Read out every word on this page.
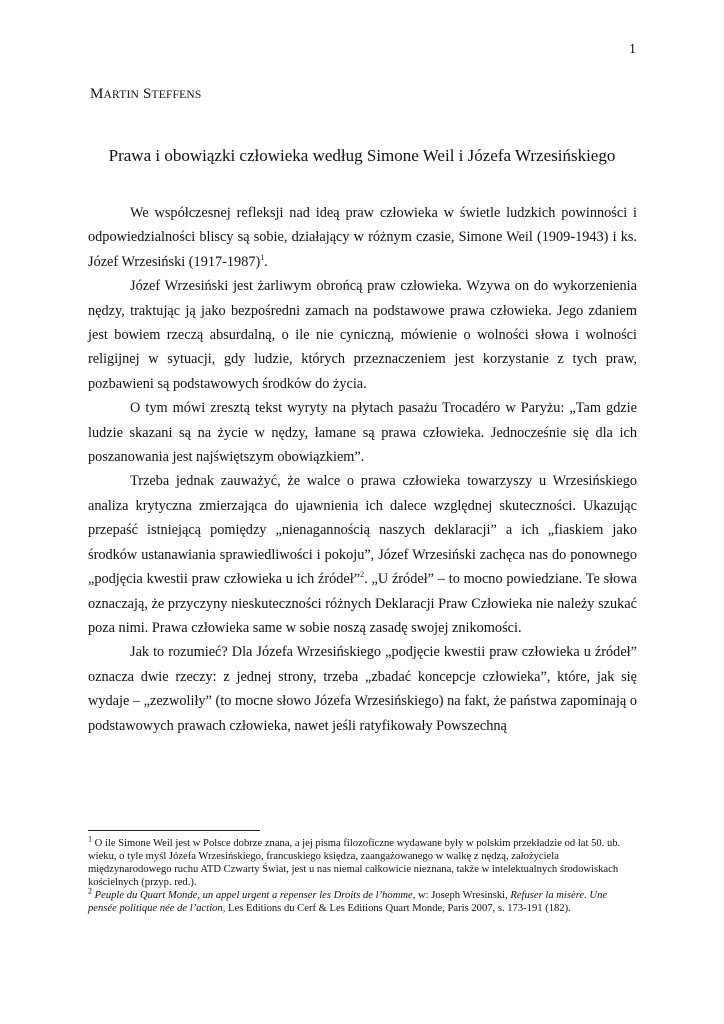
1
MARTIN STEFFENS
Prawa i obowiązki człowieka według Simone Weil i Józefa Wrzesińskiego

We współczesnej refleksji nad ideą praw człowieka w świetle ludzkich powinności i odpowiedzialności bliscy są sobie, działający w różnym czasie, Simone Weil (1909-1943) i ks. Józef Wrzesiński (1917-1987)$^1$.

Józef Wrzesiński jest żarliwym obrońcą praw człowieka. Wzywa on do wykorzenienia nędzy, traktując ją jako bezpośredni zamach na podstawowe prawa człowieka. Jego zdaniem jest bowiem rzeczą absurdalną, o ile nie cyniczną, mówienie o wolności słowa i wolności religijnej w sytuacji, gdy ludzie, których przeznaczeniem jest korzystanie z tych praw, pozbawieni są podstawowych środków do życia.

O tym mówi zresztą tekst wyryty na płytach pasażu Trocadéro w Paryżu: „Tam gdzie ludzie skazani są na życie w nędzy, łamane są prawa człowieka. Jednocześnie się dla ich poszanowania jest najświętszym obowiązkiem”.

Trzeba jednak zauważyć, że walce o prawa człowieka towarzyszy u Wrzesińskiego analiza krytyczna zmierzająca do ujawnienia ich dalece względnej skuteczności. Ukazując przepaść istniejącą pomiędzy „nienagannością naszych deklaracji” a ich „fiaskiem jako środków ustanawiania sprawiedliwości i pokoju”, Józef Wrzesiński zachęca nas do ponownego „podjęcia kwestii praw człowieka u ich źródeł”$^2$. „U źródeł” – to mocno powiedziane. Te słowa oznaczają, że przyczyny nieskuteczności różnych Deklaracji Praw Człowieka nie należy szukać poza nimi. Prawa człowieka same w sobie noszą zasadę swojej znikomości.

Jak to rozumieć? Dla Józefa Wrzesińskiego „podjęcie kwestii praw człowieka u źródeł” oznacza dwie rzeczy: z jednej strony, trzeba „zbadać koncepcje człowieka”, które, jak się wydaje – „zezwoliły” (to mocne słowo Józefa Wrzesińskiego) na fakt, że państwa zapominają o podstawowych prawach człowieka, nawet jeśli ratyfikowały Powszechną

$^1$ O ile Simone Weil jest w Polsce dobrze znana, a jej pisma filozoficzne wydawane były w polskim przekładzie od lat 50. ub. wieku, o tyle myśl Józefa Wrzesińskiego, francuskiego księdza, zaangażowanego w walkę z nędzą, założyciela międzynarodowego ruchu ATD Czwarty Świat, jest u nas niemal całkowicie nieznana, także w intelektualnych środowiskach kościelnych (przyp. red.).

$^2$ Peuple du Quart Monde, un appel urgent a repenser les Droits de l’homme, w: Joseph Wresinski, Refuser la misère. Une pensée politique née de l’action, Les Editions du Cerf & Les Editions Quart Monde, Paris 2007, s. 173-191 (182).
